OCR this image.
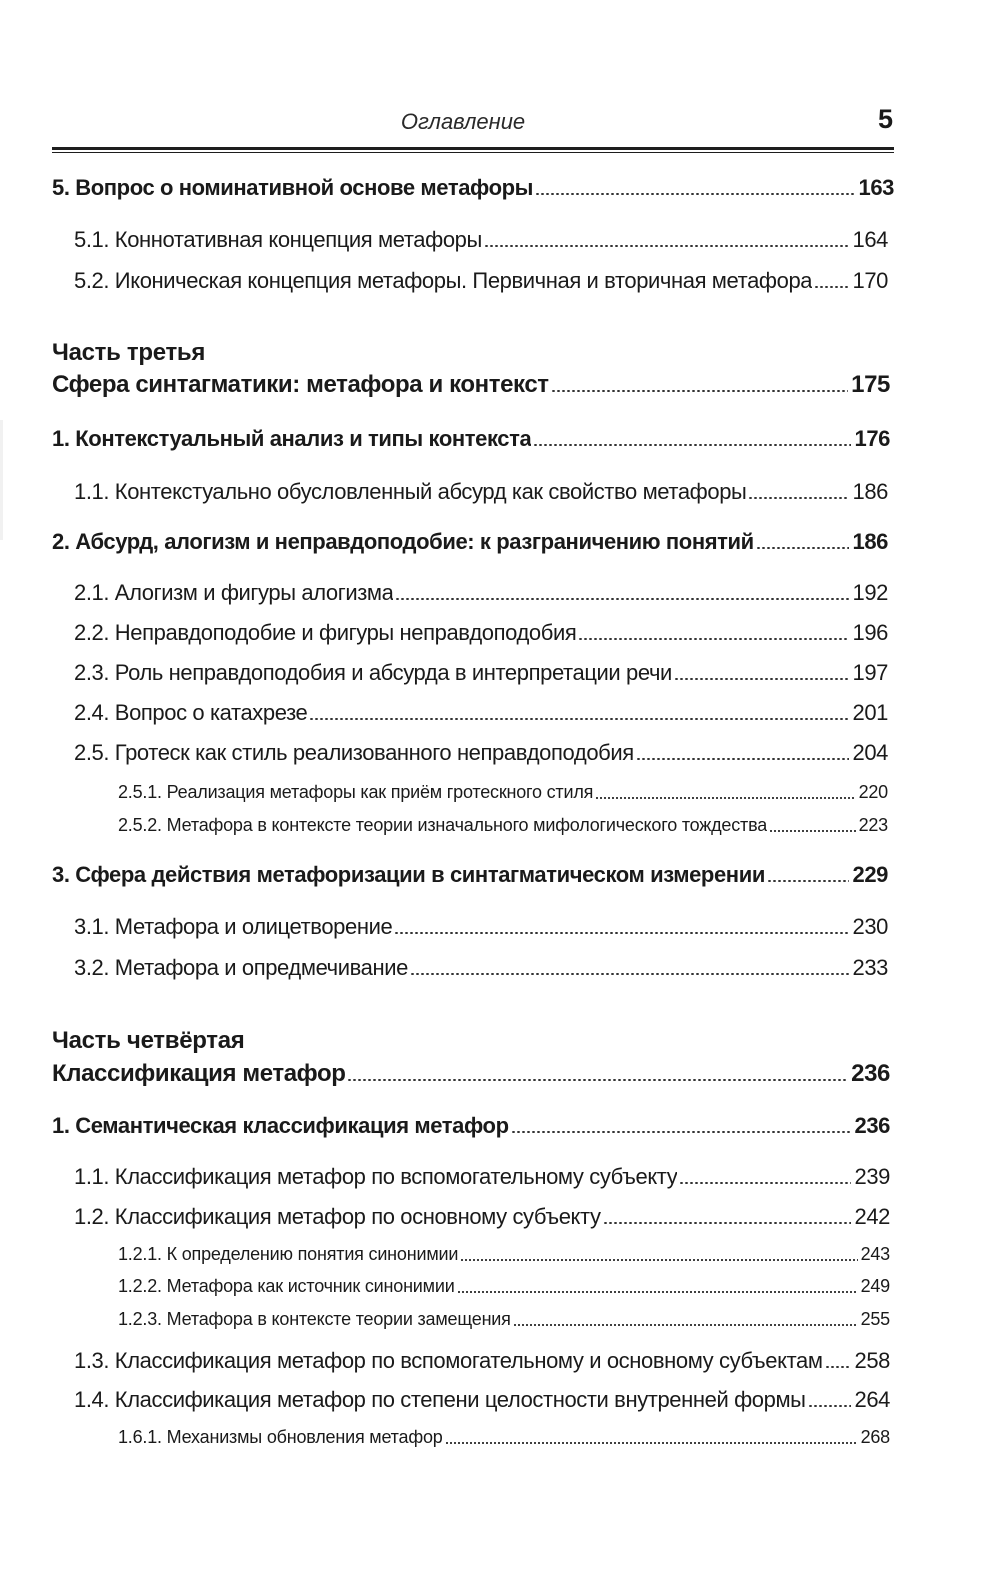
Оглавление	5
5. Вопрос о номинативной основе метафоры	163
5.1. Коннотативная концепция метафоры	164
5.2. Иконическая концепция метафоры. Первичная и вторичная метафора 170
Часть третья
Сфера синтагматики: метафора и контекст	175
1. Контекстуальный анализ и типы контекста	176
1.1. Контекстуально обусловленный абсурд как свойство метафоры	186
2. Абсурд, алогизм и неправдоподобие: к разграничению понятий	186
2.1. Алогизм и фигуры алогизма	192
2.2. Неправдоподобие и фигуры неправдоподобия	196
2.3. Роль неправдоподобия и абсурда в интерпретации речи	197
2.4. Вопрос о катахрезе	201
2.5. Гротеск как стиль реализованного неправдоподобия	204
2.5.1. Реализация метафоры как приём гротескного стиля	220
2.5.2. Метафора в контексте теории изначального мифологического тождества	223
3. Сфера действия метафоризации в синтагматическом измерении	229
3.1. Метафора и олицетворение	230
3.2. Метафора и опредмечивание	233
Часть четвёртая
Классификация метафор	236
1. Семантическая классификация метафор	236
1.1. Классификация метафор по вспомогательному субъекту	239
1.2. Классификация метафор по основному субъекту	242
1.2.1. К определению понятия синонимии	243
1.2.2. Метафора как источник синонимии	249
1.2.3. Метафора в контексте теории замещения	255
1.3. Классификация метафор по вспомогательному и основному субъектам 258
1.4. Классификация метафор по степени целостности внутренней формы 264
1.6.1. Механизмы обновления метафор	268
